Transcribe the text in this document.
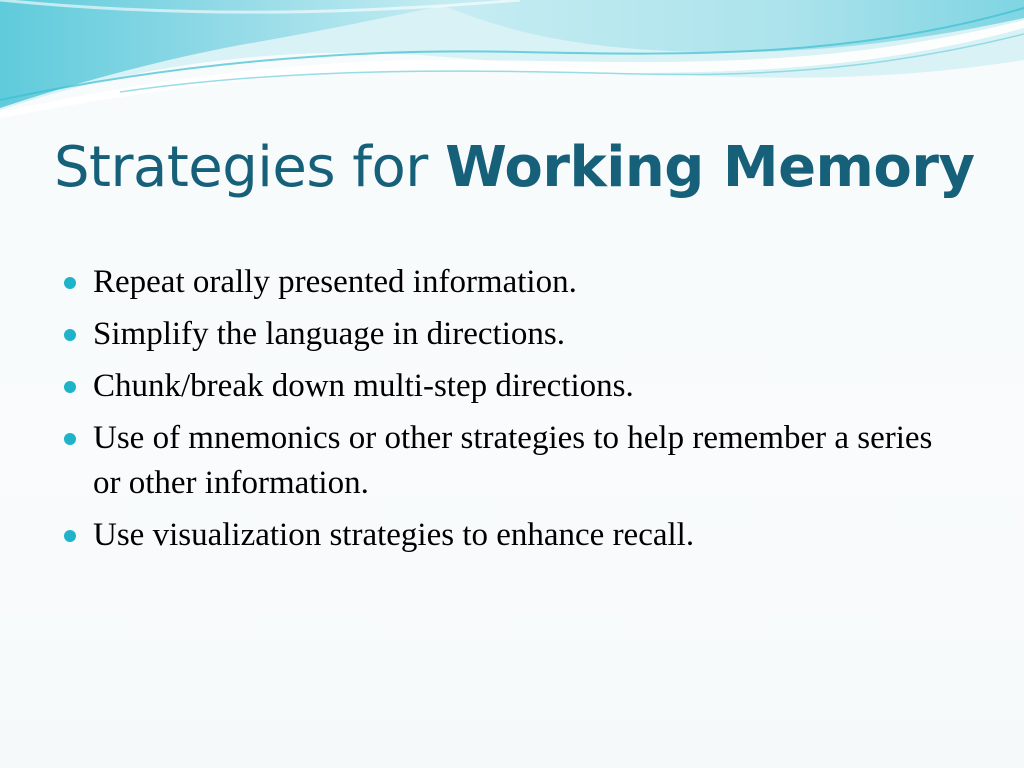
Strategies for Working Memory
Repeat orally presented information.
Simplify the language in directions.
Chunk/break down multi-step directions.
Use of mnemonics or other strategies to help remember a series or other information.
Use visualization strategies to enhance recall.
